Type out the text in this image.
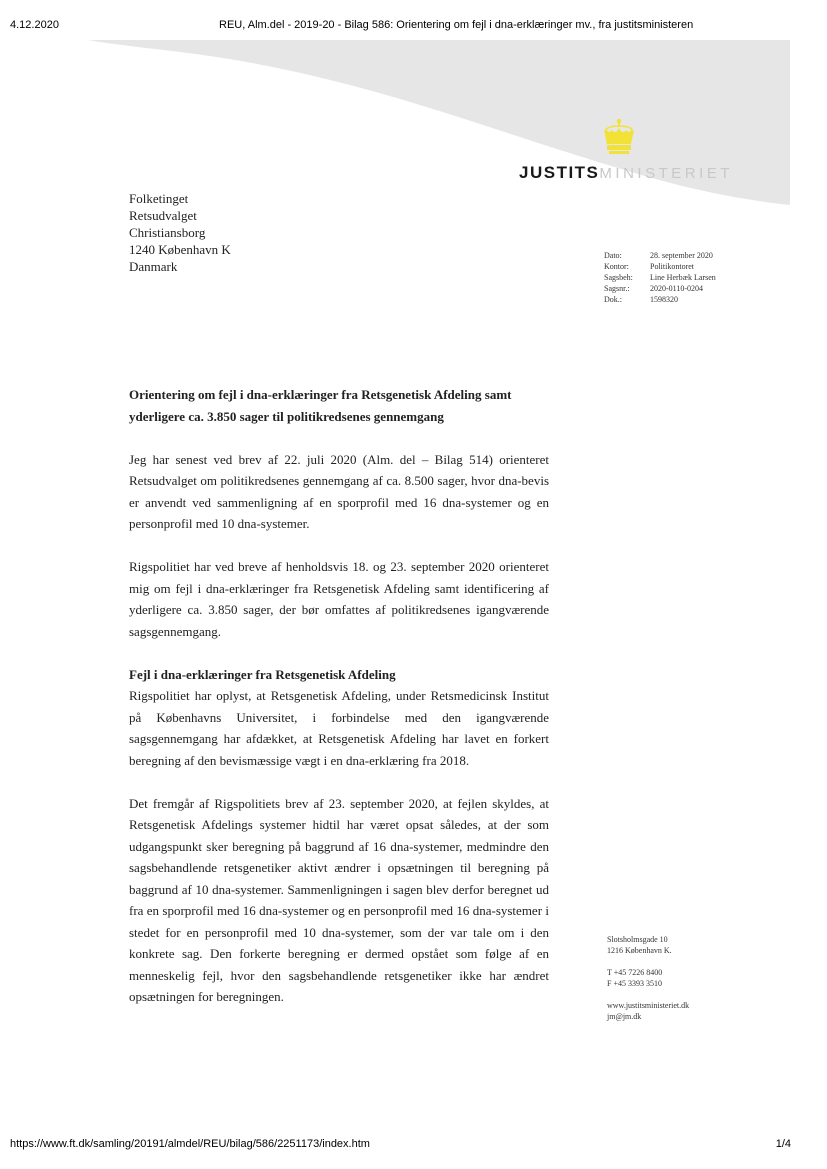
4.12.2020	REU, Alm.del - 2019-20 - Bilag 586: Orientering om fejl i dna-erklæringer mv., fra justitsministeren
JUSTITSMINISTERIET
Folketinget
Retsudvalget
Christiansborg
1240 København K
Danmark
Dato:	28. september 2020
Kontor:	Politikontoret
Sagsbeh:	Line Herbæk Larsen
Sagsnr.:	2020-0110-0204
Dok.:	1598320
Orientering om fejl i dna-erklæringer fra Retsgenetisk Afdeling samt yderligere ca. 3.850 sager til politikredsenes gennemgang

Jeg har senest ved brev af 22. juli 2020 (Alm. del – Bilag 514) orienteret Retsudvalget om politikredsenes gennemgang af ca. 8.500 sager, hvor dna-bevis er anvendt ved sammenligning af en sporprofil med 16 dna-systemer og en personprofil med 10 dna-systemer.

Rigspolitiet har ved breve af henholdsvis 18. og 23. september 2020 orienteret mig om fejl i dna-erklæringer fra Retsgenetisk Afdeling samt identificering af yderligere ca. 3.850 sager, der bør omfattes af politikredsenes igangværende sagsgennemgang.

Fejl i dna-erklæringer fra Retsgenetisk Afdeling

Rigspolitiet har oplyst, at Retsgenetisk Afdeling, under Retsmedicinsk Institut på Københavns Universitet, i forbindelse med den igangværende sagsgennemgang har afdækket, at Retsgenetisk Afdeling har lavet en forkert beregning af den bevismæssige vægt i en dna-erklæring fra 2018.

Det fremgår af Rigspolitiets brev af 23. september 2020, at fejlen skyldes, at Retsgenetisk Afdelings systemer hidtil har været opsat således, at der som udgangspunkt sker beregning på baggrund af 16 dna-systemer, medmindre den sagsbehandlende retsgenetiker aktivt ændrer i opsætningen til beregning på baggrund af 10 dna-systemer. Sammenligningen i sagen blev derfor beregnet ud fra en sporprofil med 16 dna-systemer og en personprofil med 16 dna-systemer i stedet for en personprofil med 10 dna-systemer, som der var tale om i den konkrete sag. Den forkerte beregning er dermed opstået som følge af en menneskelig fejl, hvor den sagsbehandlende retsgenetiker ikke har ændret opsætningen for beregningen.

Slotsholmsgade 10
1216 København K.
T +45 7226 8400
F +45 3393 3510
www.justitsministeriet.dk
jm@jm.dk
https://www.ft.dk/samling/20191/almdel/REU/bilag/586/2251173/index.htm	1/4
